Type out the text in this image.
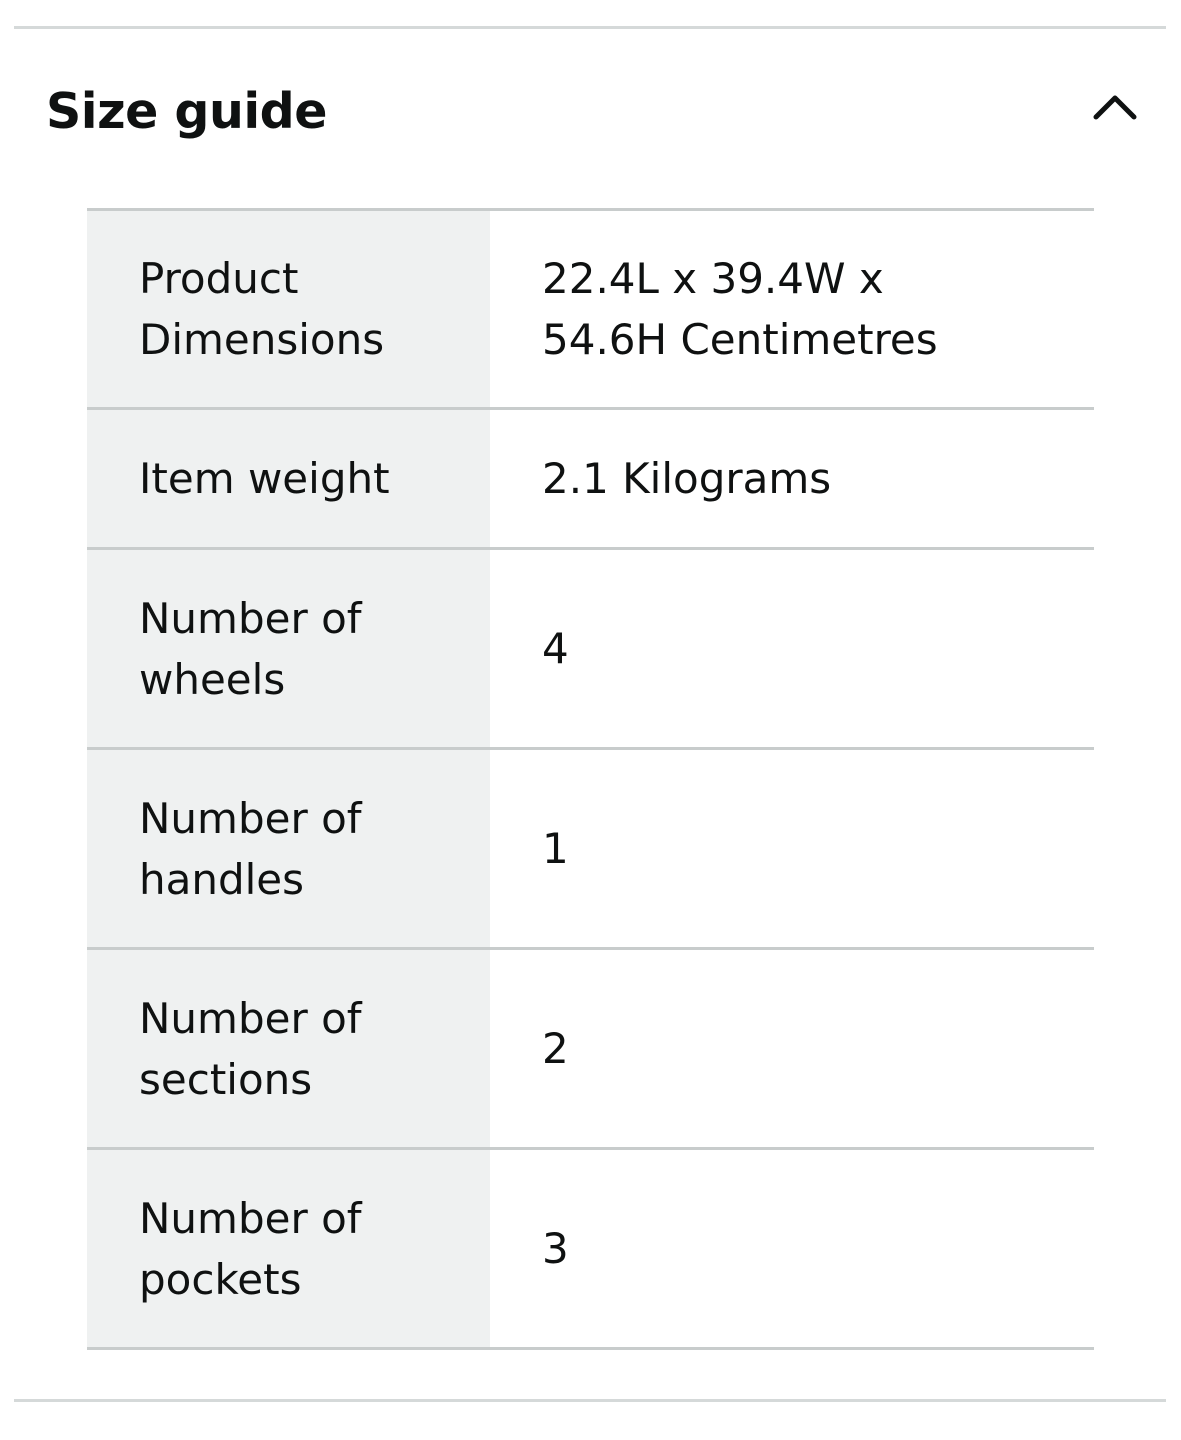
Size guide
Product Dimensions
22.4L x 39.4W x 54.6H Centimetres
Item weight	2.1 Kilograms
Number of wheels
4
Number of handles
1
Number of sections
2
Number of pockets
3
